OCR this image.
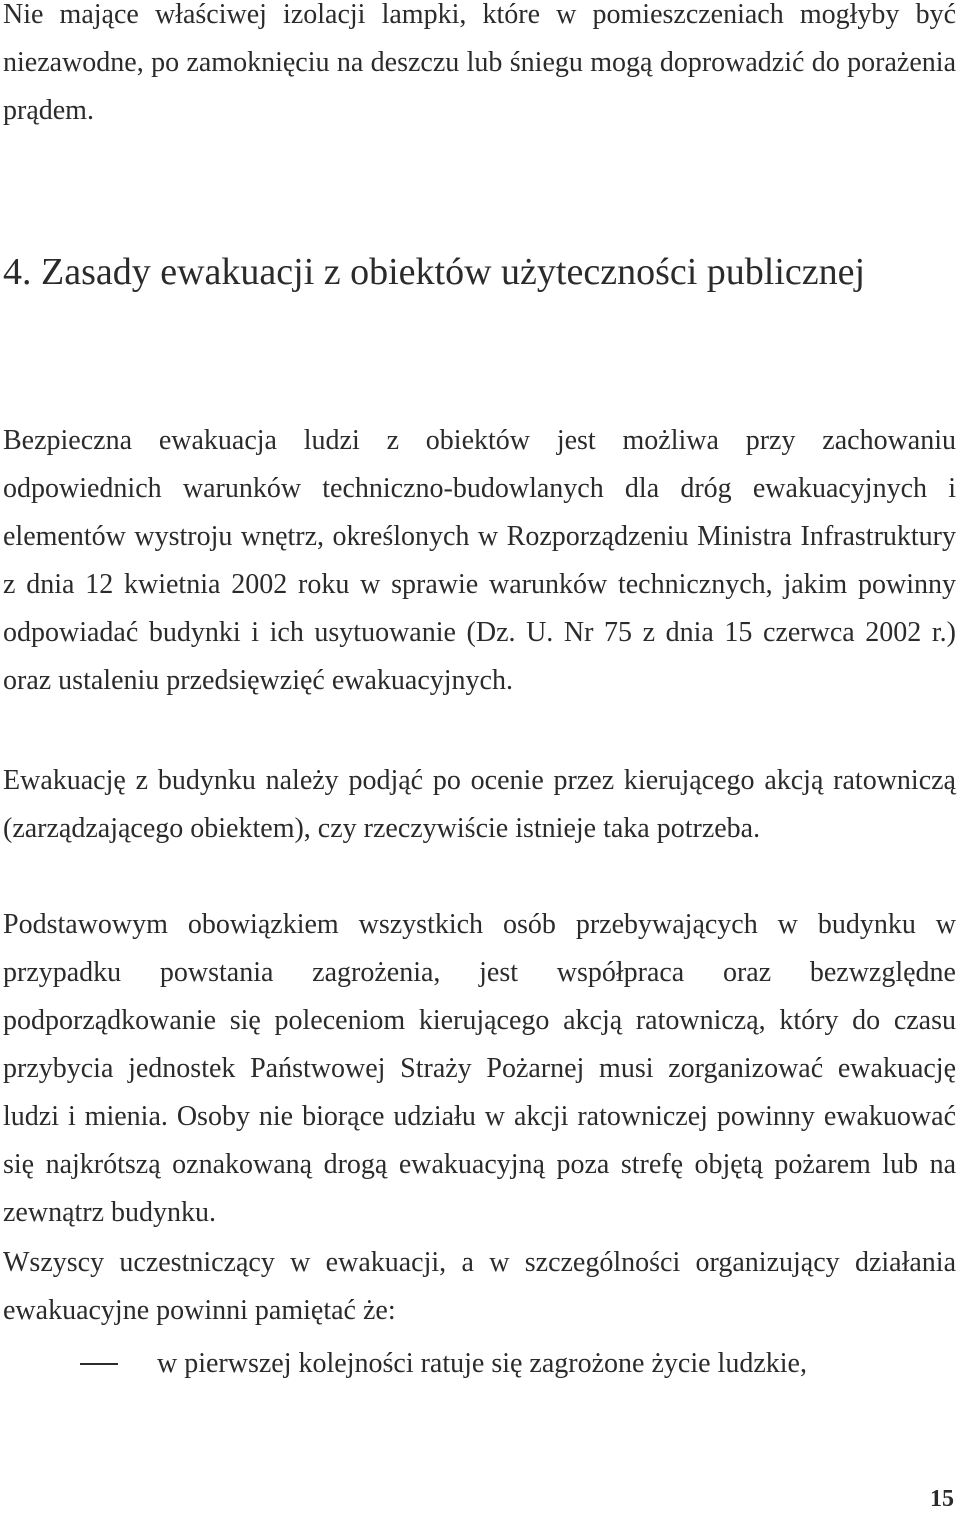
Nie mające właściwej izolacji lampki, które w pomieszczeniach mogłyby być niezawodne, po zamoknięciu na deszczu lub śniegu mogą doprowadzić do porażenia prądem.

4. Zasady ewakuacji z obiektów użyteczności publicznej

Bezpieczna ewakuacja ludzi z obiektów jest możliwa przy zachowaniu odpowiednich warunków techniczno-budowlanych dla dróg ewakuacyjnych i elementów wystroju wnętrz, określonych w Rozporządzeniu Ministra Infrastruktury z dnia 12 kwietnia 2002 roku w sprawie warunków technicznych, jakim powinny odpowiadać budynki i ich usytuowanie (Dz. U. Nr 75 z dnia 15 czerwca 2002 r.) oraz ustaleniu przedsięwzięć ewakuacyjnych.

Ewakuację z budynku należy podjąć po ocenie przez kierującego akcją ratowniczą (zarządzającego obiektem), czy rzeczywiście istnieje taka potrzeba.

Podstawowym obowiązkiem wszystkich osób przebywających w budynku w przypadku powstania zagrożenia, jest współpraca oraz bezwzględne podporządkowanie się poleceniom kierującego akcją ratowniczą, który do czasu przybycia jednostek Państwowej Straży Pożarnej musi zorganizować ewakuację ludzi i mienia. Osoby nie biorące udziału w akcji ratowniczej powinny ewakuować się najkrótszą oznakowaną drogą ewakuacyjną poza strefę objętą pożarem lub na zewnątrz budynku.

Wszyscy uczestniczący w ewakuacji, a w szczególności organizujący działania ewakuacyjne powinni pamiętać że:

w pierwszej kolejności ratuje się zagrożone życie ludzkie,
15
